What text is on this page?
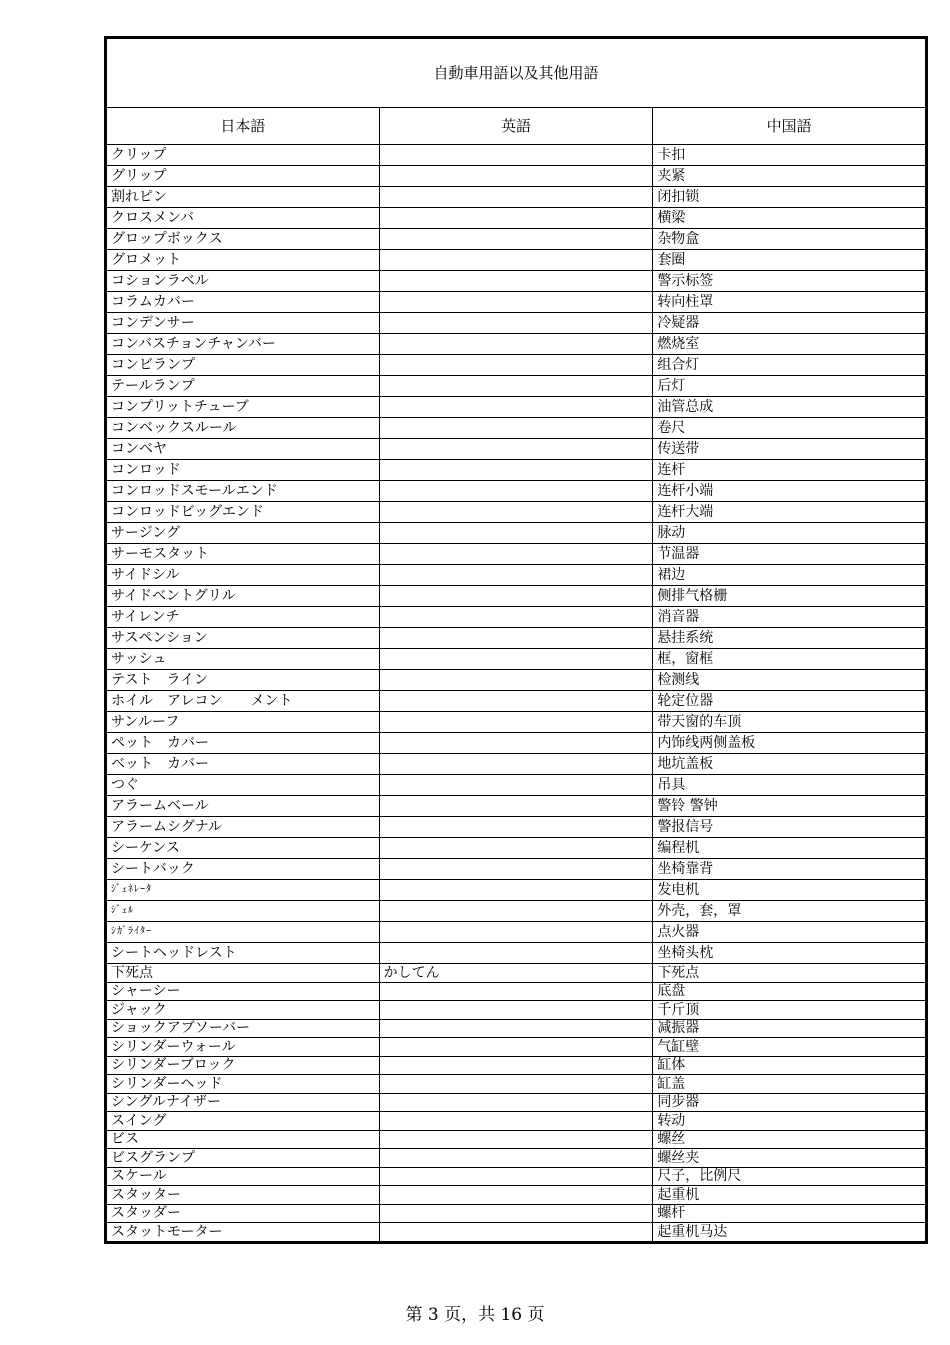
自動車用語以及其他用語		
日本語	英語	中国語
クリップ		卡扣
グリップ		夹紧
割れピン		闭扣锁
クロスメンバ		横梁
グロップボックス		杂物盒
グロメット		套圈
コションラベル		警示标签
コラムカバー		转向柱罩
コンデンサー		冷疑器
コンバスチョンチャンバー		燃烧室
コンビランプ		组合灯
テールランプ		后灯
コンプリットチューブ		油管总成
コンベックスルール		卷尺
コンベヤ		传送带
コンロッド		连杆
コンロッドスモールエンド		连杆小端
コンロッドビッグエンド		连杆大端
サージング		脉动
サーモスタット		节温器
サイドシル		裙边
サイドベントグリル		侧排气格栅
サイレンチ		消音器
サスペンション		悬挂系统
サッシュ		框，窗框
テスト　ライン		检测线
ホイル　アレコン　　メント		轮定位器
サンルーフ		带天窗的车顶
ペット　カバー		内饰线两侧盖板
ベット　カバー		地坑盖板
つぐ		吊具
アラームベール		警铃 警钟
アラームシグナル		警报信号
シーケンス		编程机
シートバック		坐椅靠背
ｼﾞｪﾈﾚｰﾀ		发电机
ｼﾞｪﾙ		外壳，套，罩
ｼｶﾞﾗｲﾀｰ		点火器
シートヘッドレスト		坐椅头枕
下死点	かしてん	下死点
シャーシー		底盘
ジャック		千斤顶
ショックアブソーバー		减振器
シリンダーウォール		气缸壁
シリンダーブロック		缸体
シリンダーヘッド		缸盖
シングルナイザー		同步器
スイング		转动
ビス		螺丝
ビスグランプ		螺丝夹
スケール		尺子，比例尺
スタッター		起重机
スタッダー		螺杆
スタットモーター		起重机马达
第 3 页，共 16 页
